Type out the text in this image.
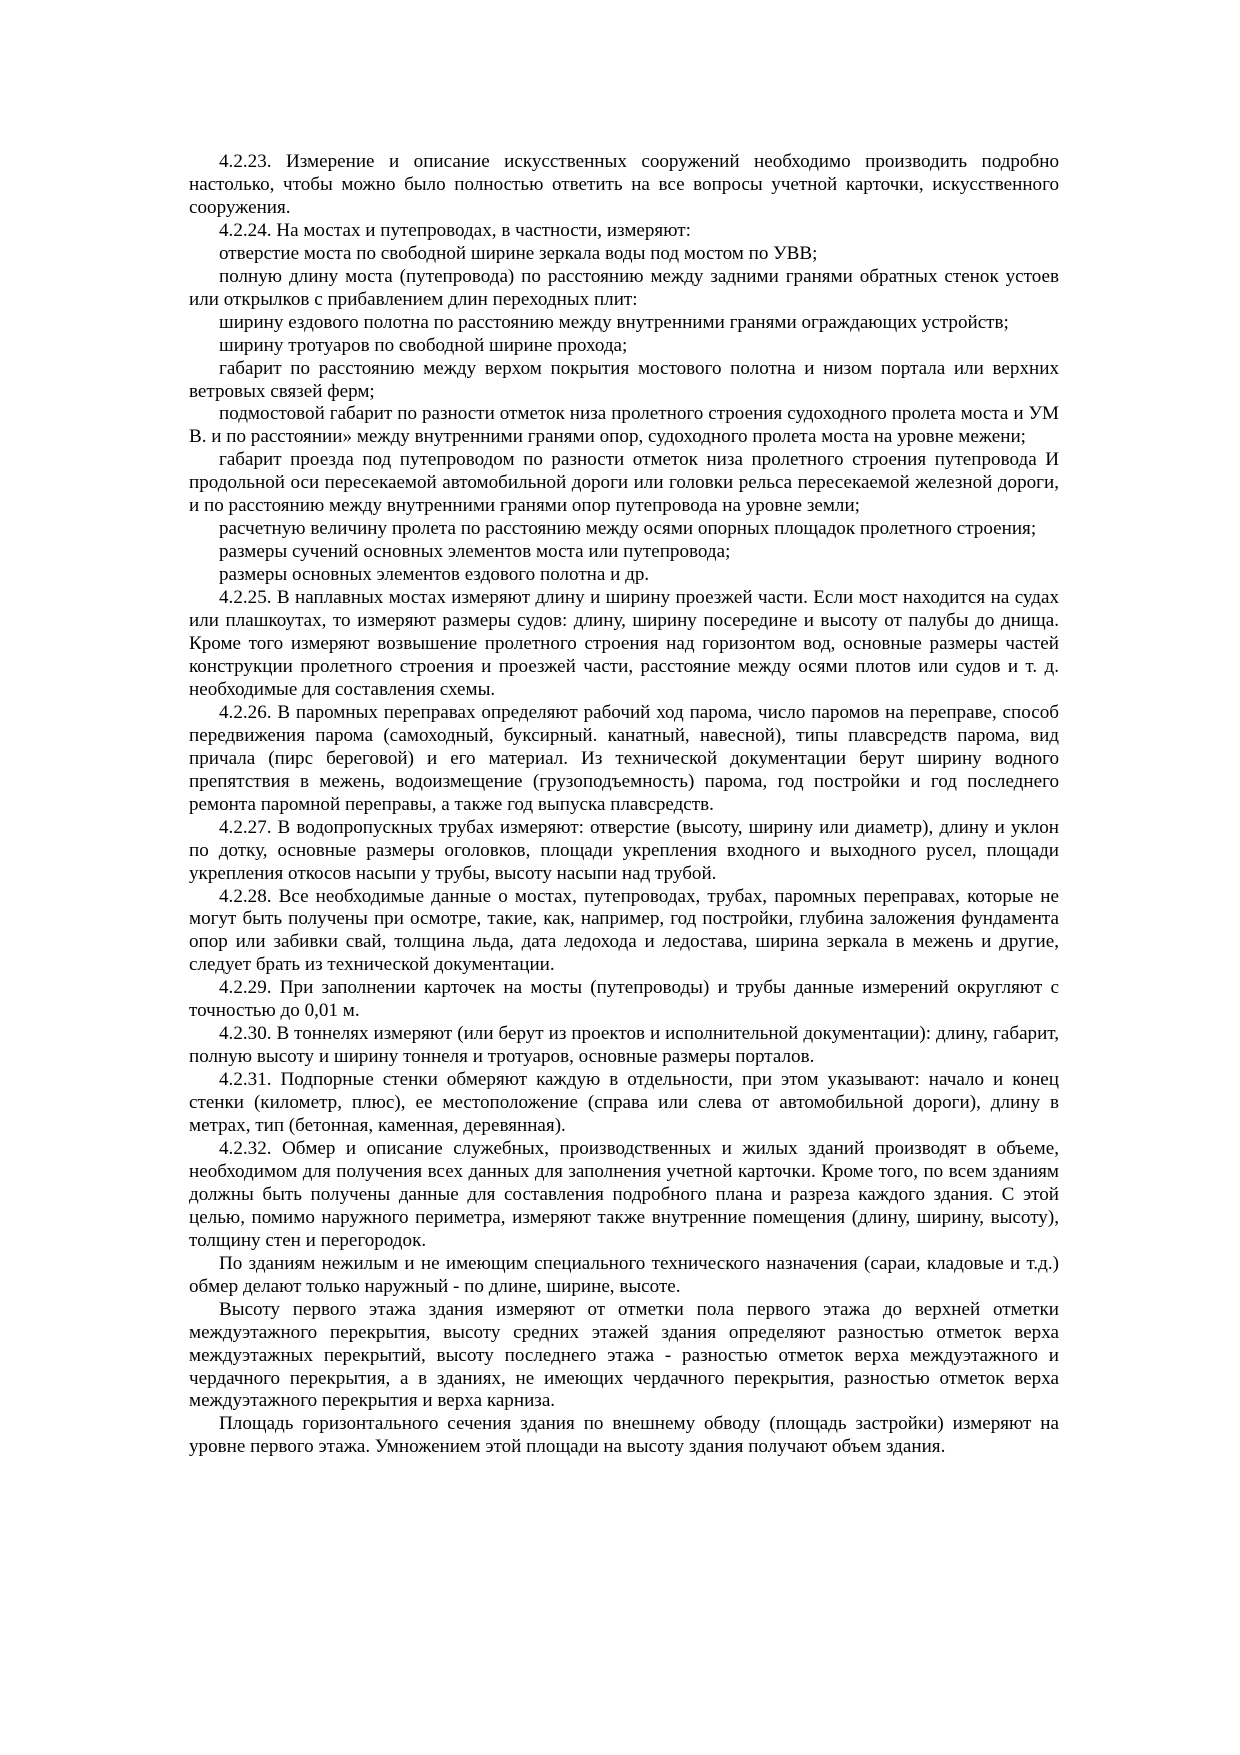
4.2.23. Измерение и описание искусственных сооружений необходимо производить подробно настолько, чтобы можно было полностью ответить на все вопросы учетной карточки, искусственного сооружения.

4.2.24. На мостах и путепроводах, в частности, измеряют:

отверстие моста по свободной ширине зеркала воды под мостом по УВВ;

полную длину моста (путепровода) по расстоянию между задними гранями обратных стенок устоев или открылков с прибавлением длин переходных плит:

ширину ездового полотна по расстоянию между внутренними гранями ограждающих устройств;

ширину тротуаров по свободной ширине прохода;

габарит по расстоянию между верхом покрытия мостового полотна и низом портала или верхних ветровых связей ферм;

подмостовой габарит по разности отметок низа пролетного строения судоходного пролета моста и УМ В. и по расстоянии» между внутренними гранями опор, судоходного пролета моста на уровне межени;

габарит проезда под путепроводом по разности отметок низа пролетного строения путепровода И продольной оси пересекаемой автомобильной дороги или головки рельса пересекаемой железной дороги, и по расстоянию между внутренними гранями опор путепровода на уровне земли;

расчетную величину пролета по расстоянию между осями опорных площадок пролетного строения;

размеры сучений основных элементов моста или путепровода;

размеры основных элементов ездового полотна и др.

4.2.25. В наплавных мостах измеряют длину и ширину проезжей части. Если мост находится на судах или плашкоутах, то измеряют размеры судов: длину, ширину посередине и высоту от палубы до днища. Кроме того измеряют возвышение пролетного строения над горизонтом вод, основные размеры частей конструкции пролетного строения и проезжей части, расстояние между осями плотов или судов и т. д. необходимые для составления схемы.

4.2.26. В паромных переправах определяют рабочий ход парома, число паромов на переправе, способ передвижения парома (самоходный, буксирный. канатный, навесной), типы плавсредств парома, вид причала (пирс береговой) и его материал. Из технической документации берут ширину водного препятствия в межень, водоизмещение (грузоподъемность) парома, год постройки и год последнего ремонта паромной переправы, а также год выпуска плавсредств.

4.2.27. В водопропускных трубах измеряют: отверстие (высоту, ширину или диаметр), длину и уклон по дотку, основные размеры оголовков, площади укрепления входного и выходного русел, площади укрепления откосов насыпи у трубы, высоту насыпи над трубой.

4.2.28. Все необходимые данные о мостах, путепроводах, трубах, паромных переправах, которые не могут быть получены при осмотре, такие, как, например, год постройки, глубина заложения фундамента опор или забивки свай, толщина льда, дата ледохода и ледостава, ширина зеркала в межень и другие, следует брать из технической документации.

4.2.29. При заполнении карточек на мосты (путепроводы) и трубы данные измерений округляют с точностью до 0,01 м.

4.2.30. В тоннелях измеряют (или берут из проектов и исполнительной документации): длину, габарит, полную высоту и ширину тоннеля и тротуаров, основные размеры порталов.

4.2.31. Подпорные стенки обмеряют каждую в отдельности, при этом указывают: начало и конец стенки (километр, плюс), ее местоположение (справа или слева от автомобильной дороги), длину в метрах, тип (бетонная, каменная, деревянная).

4.2.32. Обмер и описание служебных, производственных и жилых зданий производят в объеме, необходимом для получения всех данных для заполнения учетной карточки. Кроме того, по всем зданиям должны быть получены данные для составления подробного плана и разреза каждого здания. С этой целью, помимо наружного периметра, измеряют также внутренние помещения (длину, ширину, высоту), толщину стен и перегородок.

По зданиям нежилым и не имеющим специального технического назначения (сараи, кладовые и т.д.) обмер делают только наружный - по длине, ширине, высоте.

Высоту первого этажа здания измеряют от отметки пола первого этажа до верхней отметки междуэтажного перекрытия, высоту средних этажей здания определяют разностью отметок верха междуэтажных перекрытий, высоту последнего этажа - разностью отметок верха междуэтажного и чердачного перекрытия, а в зданиях, не имеющих чердачного перекрытия, разностью отметок верха междуэтажного перекрытия и верха карниза.

Площадь горизонтального сечения здания по внешнему обводу (площадь застройки) измеряют на уровне первого этажа. Умножением этой площади на высоту здания получают объем здания.
